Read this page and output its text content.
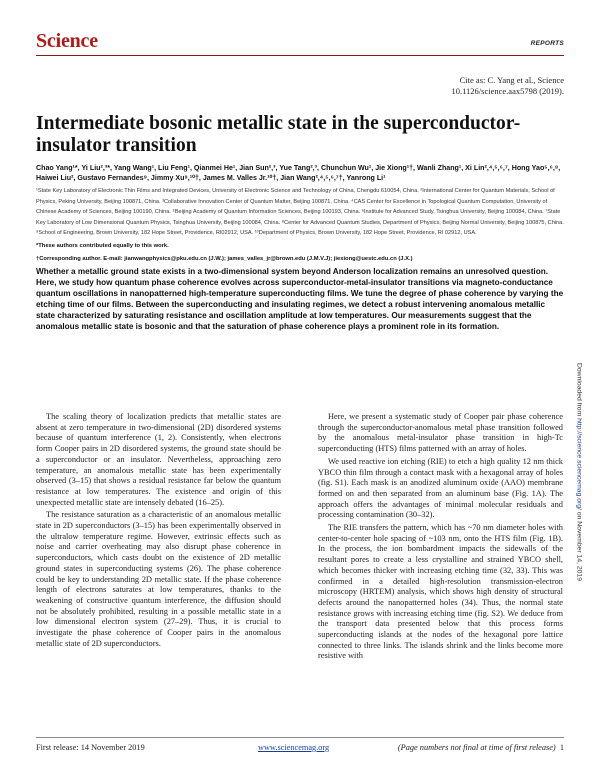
Science	REPORTS
Cite as: C. Yang et al., Science
10.1126/science.aax5798 (2019).
Intermediate bosonic metallic state in the superconductor-insulator transition
Chao Yang¹*, Yi Liu²,³*, Yang Wang¹, Liu Feng¹, Qianmei He¹, Jian Sun²,³, Yue Tang²,³, Chunchun Wu¹, Jie Xiong¹†, Wanli Zhang¹, Xi Lin²,⁴,⁵,⁶,⁷, Hong Yao⁵,⁶,⁸, Haiwei Liu², Gustavo Fernandes⁹, Jimmy Xu⁹,¹⁰†, James M. Valles Jr.¹⁰†, Jian Wang²,⁴,⁵,⁶,⁷†, Yanrong Li¹
¹State Key Laboratory of Electronic Thin Films and Integrated Devices, University of Electronic Science and Technology of China, Chengdu 610054, China. ²International Center for Quantum Materials, School of Physics, Peking University, Beijing 100871, China. ³Collaborative Innovation Center of Quantum Matter, Beijing 100871, China. ⁴CAS Center for Excellence in Topological Quantum Computation, University of Chinese Academy of Sciences, Beijing 100190, China. ⁵Beijing Academy of Quantum Information Sciences, Beijing 100193, China. ⁶Institute for Advanced Study, Tsinghua University, Beijing 100084, China. ⁷State Key Laboratory of Low Dimensional Quantum Physics, Tsinghua University, Beijing 100084, China. ⁸Center for Advanced Quantum Studies, Department of Physics, Beijing Normal University, Beijing 100875, China. ⁹School of Engineering, Brown University, 182 Hope Street, Providence, RI02912, USA. ¹⁰Department of Physics, Brown University, 182 Hope Street, Providence, RI 02912, USA.
*These authors contributed equally to this work.
†Corresponding author. E-mail: jianwangphysics@pku.edu.cn (J.W.); james_valles_jr@brown.edu (J.M.V.J); jiexiong@uestc.edu.cn (J.X.)
Whether a metallic ground state exists in a two-dimensional system beyond Anderson localization remains an unresolved question. Here, we study how quantum phase coherence evolves across superconductor-metal-insulator transitions via magneto-conductance quantum oscillations in nanopatterned high-temperature superconducting films. We tune the degree of phase coherence by varying the etching time of our films. Between the superconducting and insulating regimes, we detect a robust intervening anomalous metallic state characterized by saturating resistance and oscillation amplitude at low temperatures. Our measurements suggest that the anomalous metallic state is bosonic and that the saturation of phase coherence plays a prominent role in its formation.

The scaling theory of localization predicts that metallic states are absent at zero temperature in two-dimensional (2D) disordered systems because of quantum interference (1, 2). Consistently, when electrons form Cooper pairs in 2D disordered systems, the ground state should be a superconductor or an insulator. Nevertheless, approaching zero temperature, an anomalous metallic state has been experimentally observed (3–15) that shows a residual resistance far below the quantum resistance at low temperatures. The existence and origin of this unexpected metallic state are intensely debated (16–25).

The resistance saturation as a characteristic of an anomalous metallic state in 2D superconductors (3–15) has been experimentally observed in the ultralow temperature regime. However, extrinsic effects such as noise and carrier overheating may also disrupt phase coherence in superconductors, which casts doubt on the existence of 2D metallic ground states in superconducting systems (26). The phase coherence could be key to understanding 2D metallic state. If the phase coherence length of electrons saturates at low temperatures, thanks to the weakening of constructive quantum interference, the diffusion should not be absolutely prohibited, resulting in a possible metallic state in a low dimensional electron system (27–29). Thus, it is crucial to investigate the phase coherence of Cooper pairs in the anomalous metallic state of 2D superconductors.

Here, we present a systematic study of Cooper pair phase coherence through the superconductor-anomalous metal phase transition followed by the anomalous metal-insulator phase transition in high-Tc superconducting (HTS) films patterned with an array of holes.

We used reactive ion etching (RIE) to etch a high quality 12 nm thick YBCO thin film through a contact mask with a hexagonal array of holes (fig. S1). Each mask is an anodized aluminum oxide (AAO) membrane formed on and then separated from an aluminum base (Fig. 1A). The approach offers the advantages of minimal molecular residuals and processing contamination (30–32).

The RIE transfers the pattern, which has ~70 nm diameter holes with center-to-center hole spacing of ~103 nm, onto the HTS film (Fig. 1B). In the process, the ion bombardment impacts the sidewalls of the resultant pores to create a less crystalline and strained YBCO shell, which becomes thicker with increasing etching time (32, 33). This was confirmed in a detailed high-resolution transmission-electron microscopy (HRTEM) analysis, which shows high density of structural defects around the nanopatterned holes (34). Thus, the normal state resistance grows with increasing etching time (fig. S2). We deduce from the transport data presented below that this process forms superconducting islands at the nodes of the hexagonal pore lattice connected to three links. The islands shrink and the links become more resistive with

Downloaded from http://science.sciencemag.org/ on November 14, 2019
First release: 14 November 2019	www.sciencemag.org	(Page numbers not final at time of first release) 1
